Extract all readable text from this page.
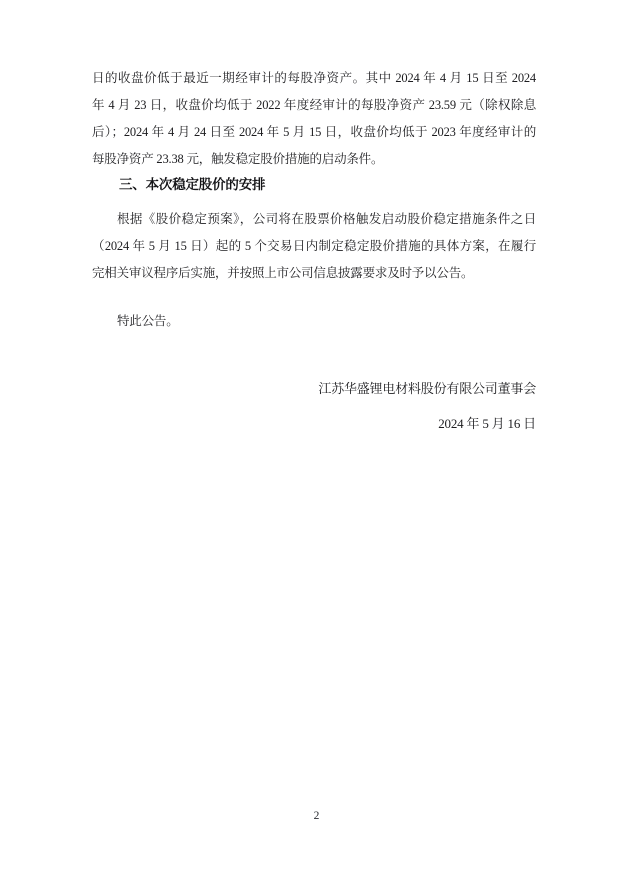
日的收盘价低于最近一期经审计的每股净资产。其中 2024 年 4 月 15 日至 2024
年 4 月 23 日，收盘价均低于 2022 年度经审计的每股净资产 23.59 元（除权除息
后）；2024 年 4 月 24 日至 2024 年 5 月 15 日，收盘价均低于 2023 年度经审计的
每股净资产 23.38 元，触发稳定股价措施的启动条件。
三、本次稳定股价的安排
根据《股价稳定预案》，公司将在股票价格触发启动股价稳定措施条件之日
（2024 年 5 月 15 日）起的 5 个交易日内制定稳定股价措施的具体方案，在履行
完相关审议程序后实施，并按照上市公司信息披露要求及时予以公告。
特此公告。
江苏华盛锂电材料股份有限公司董事会
2024 年 5 月 16 日
2
